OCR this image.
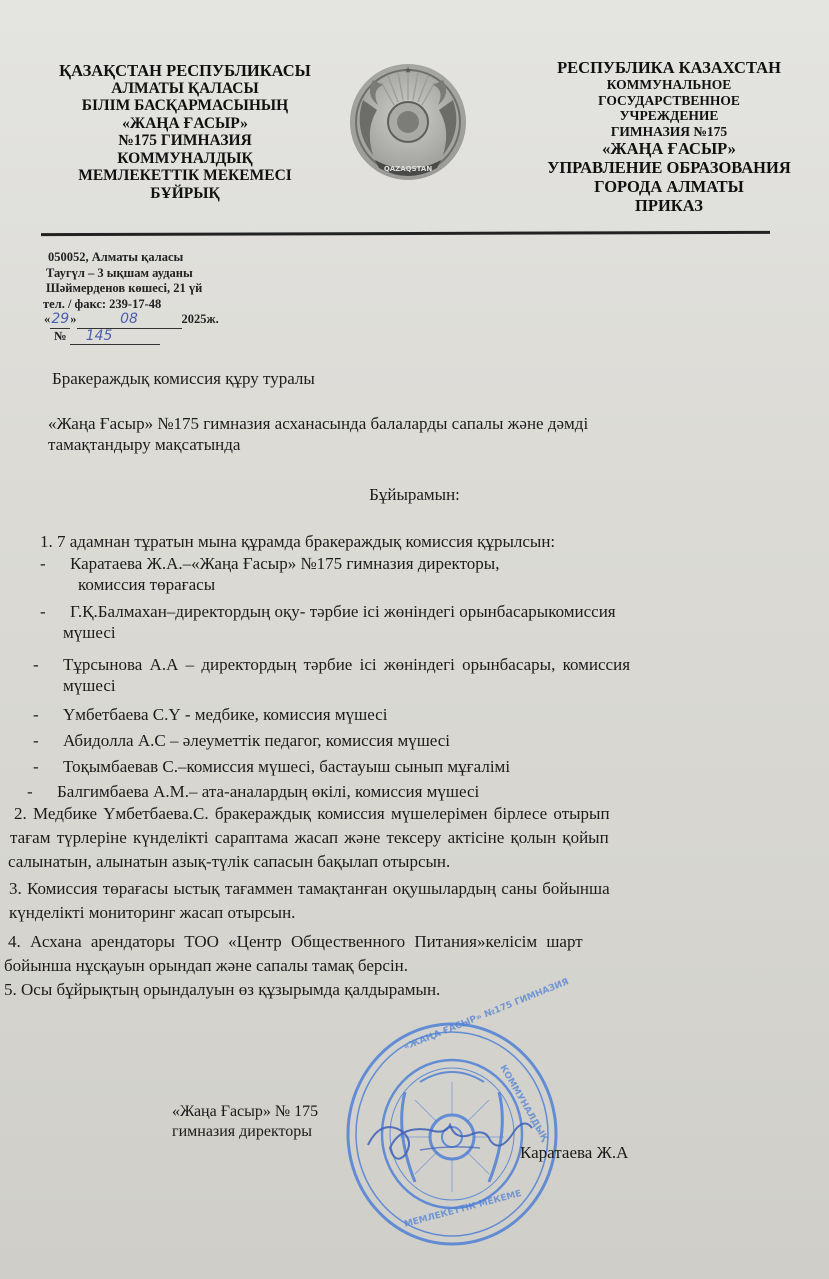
ҚАЗАҚСТАН РЕСПУБЛИКАСЫ
АЛМАТЫ ҚАЛАСЫ
БІЛІМ БАСҚАРМАСЫНЫҢ
«ЖАҢА ҒАСЫР»
№175 ГИМНАЗИЯ
КОММУНАЛДЫҚ
МЕМЛЕКЕТТІК МЕКЕМЕСІ
БҰЙРЫҚ
★
QAZAQSTAN
РЕСПУБЛИКА КАЗАХСТАН
КОММУНАЛЬНОЕ
ГОСУДАРСТВЕННОЕ
УЧРЕЖДЕНИЕ
ГИМНАЗИЯ №175
«ЖАҢА ҒАСЫР»
УПРАВЛЕНИЕ ОБРАЗОВАНИЯ
ГОРОДА АЛМАТЫ
ПРИКАЗ
050052, Алматы қаласы
Таугүл – 3 ықшам ауданы
Шәймерденов көшесі, 21 үй
тел. / факс: 239-17-48
«29»	08	2025ж.
№ 145
Бракераждық комиссия құру туралы
«Жаңа Ғасыр» №175 гимназия асханасында балаларды сапалы және дәмді
тамақтандыру мақсатында
Бұйырамын:
1. 7 адамнан тұратын мына құрамда бракераждық комиссия құрылсын:
- Каратаева Ж.А.–«Жаңа Ғасыр» №175 гимназия директоры,
комиссия төрағасы
- Г.Қ.Балмахан–директордың оқу- тәрбие ісі жөніндегі орынбасарыкомиссия
мүшесі
- Тұрсынова А.А – директордың тәрбие ісі жөніндегі орынбасары, комиссия
мүшесі
- Үмбетбаева С.Ү - медбике, комиссия мүшесі
- Абидолла А.С – әлеуметтік педагог, комиссия мүшесі
- Тоқымбаевав С.–комиссия мүшесі, бастауыш сынып мұғалімі
- Балгимбаева А.М.– ата-аналардың өкілі, комиссия мүшесі
2. Медбике Үмбетбаева.С. бракераждық комиссия мүшелерімен бірлесе отырып
тағам түрлеріне күнделікті сараптама жасап және тексеру актісіне қолын қойып
салынатын, алынатын азық-түлік сапасын бақылап отырсын.
3. Комиссия төрағасы ыстық тағаммен тамақтанған оқушылардың саны бойынша
күнделікті мониторинг жасап отырсын.
4. Асхана арендаторы ТОО «Центр Общественного Питания»келісім шарт
бойынша нұсқауын орындап және сапалы тамақ берсін.
5. Осы бұйрықтың орындалуын өз құзырымда қалдырамын.
«ЖАҢА ҒАСЫР» №175 ГИМНАЗИЯ
КОММУНАЛДЫҚ
МЕМЛЕКЕТТІК МЕКЕМЕ
«Жаңа Ғасыр» № 175
гимназия директоры
Каратаева Ж.А
